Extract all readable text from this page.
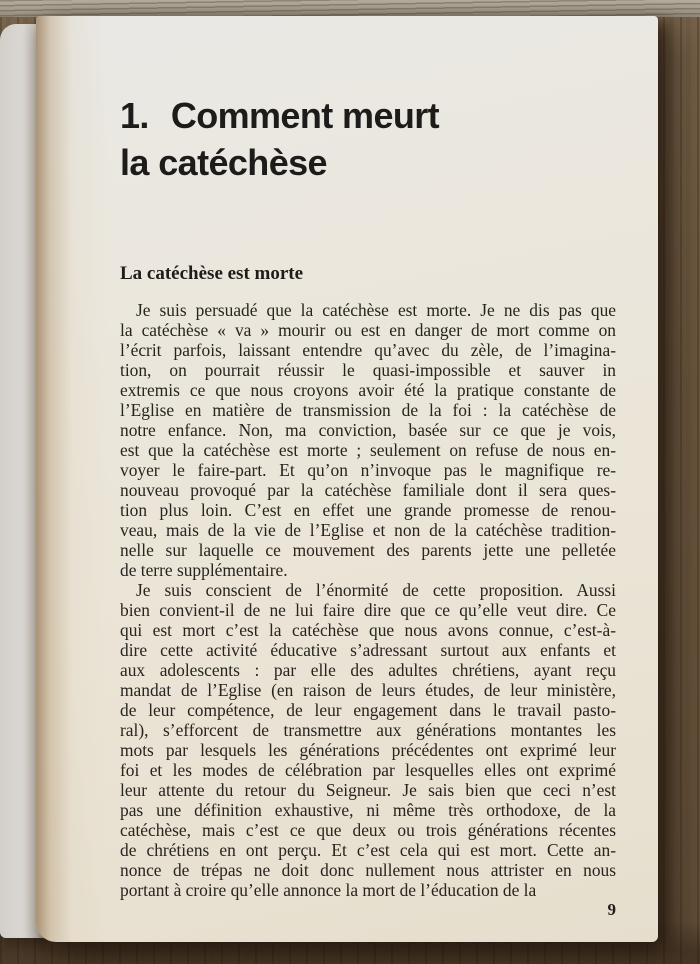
1. Comment meurt
la catéchèse
La catéchèse est morte
Je suis persuadé que la catéchèse est morte. Je ne dis pas que
la catéchèse « va » mourir ou est en danger de mort comme on
l’écrit parfois, laissant entendre qu’avec du zèle, de l’imagina-
tion, on pourrait réussir le quasi-impossible et sauver in
extremis ce que nous croyons avoir été la pratique constante de
l’Eglise en matière de transmission de la foi : la catéchèse de
notre enfance. Non, ma conviction, basée sur ce que je vois,
est que la catéchèse est morte ; seulement on refuse de nous en-
voyer le faire-part. Et qu’on n’invoque pas le magnifique re-
nouveau provoqué par la catéchèse familiale dont il sera ques-
tion plus loin. C’est en effet une grande promesse de renou-
veau, mais de la vie de l’Eglise et non de la catéchèse tradition-
nelle sur laquelle ce mouvement des parents jette une pelletée
de terre supplémentaire.
Je suis conscient de l’énormité de cette proposition. Aussi
bien convient-il de ne lui faire dire que ce qu’elle veut dire. Ce
qui est mort c’est la catéchèse que nous avons connue, c’est-à-
dire cette activité éducative s’adressant surtout aux enfants et
aux adolescents : par elle des adultes chrétiens, ayant reçu
mandat de l’Eglise (en raison de leurs études, de leur ministère,
de leur compétence, de leur engagement dans le travail pasto-
ral), s’efforcent de transmettre aux générations montantes les
mots par lesquels les générations précédentes ont exprimé leur
foi et les modes de célébration par lesquelles elles ont exprimé
leur attente du retour du Seigneur. Je sais bien que ceci n’est
pas une définition exhaustive, ni même très orthodoxe, de la
catéchèse, mais c’est ce que deux ou trois générations récentes
de chrétiens en ont perçu. Et c’est cela qui est mort. Cette an-
nonce de trépas ne doit donc nullement nous attrister en nous
portant à croire qu’elle annonce la mort de l’éducation de la
9
